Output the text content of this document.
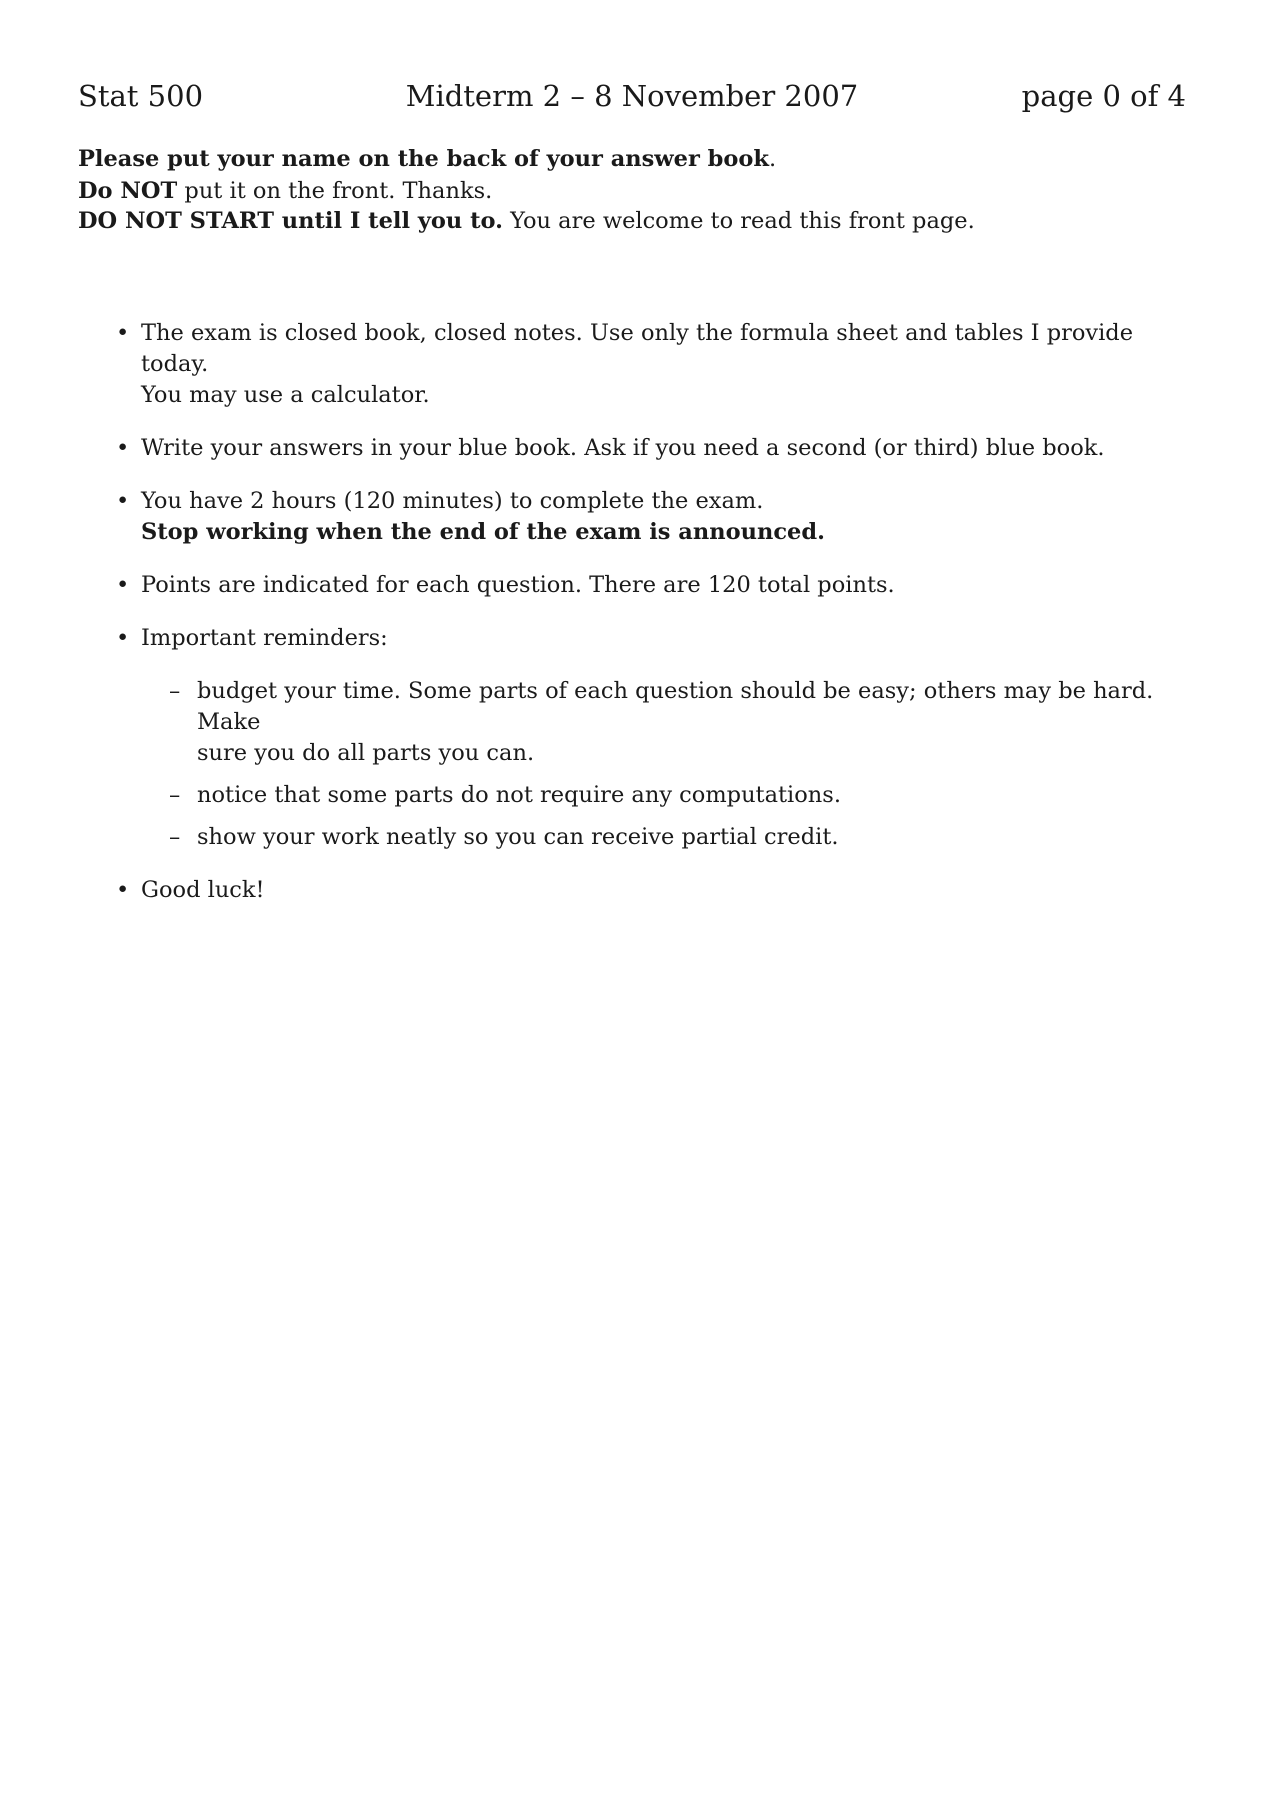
Stat 500	Midterm 2 – 8 November 2007	page 0 of 4
Please put your name on the back of your answer book.
Do NOT put it on the front. Thanks.
DO NOT START until I tell you to. You are welcome to read this front page.
• The exam is closed book, closed notes. Use only the formula sheet and tables I provide today.
You may use a calculator.
• Write your answers in your blue book. Ask if you need a second (or third) blue book.
• You have 2 hours (120 minutes) to complete the exam.
Stop working when the end of the exam is announced.
• Points are indicated for each question. There are 120 total points.
• Important reminders:
– budget your time. Some parts of each question should be easy; others may be hard. Make
sure you do all parts you can.
– notice that some parts do not require any computations.
– show your work neatly so you can receive partial credit.
• Good luck!
